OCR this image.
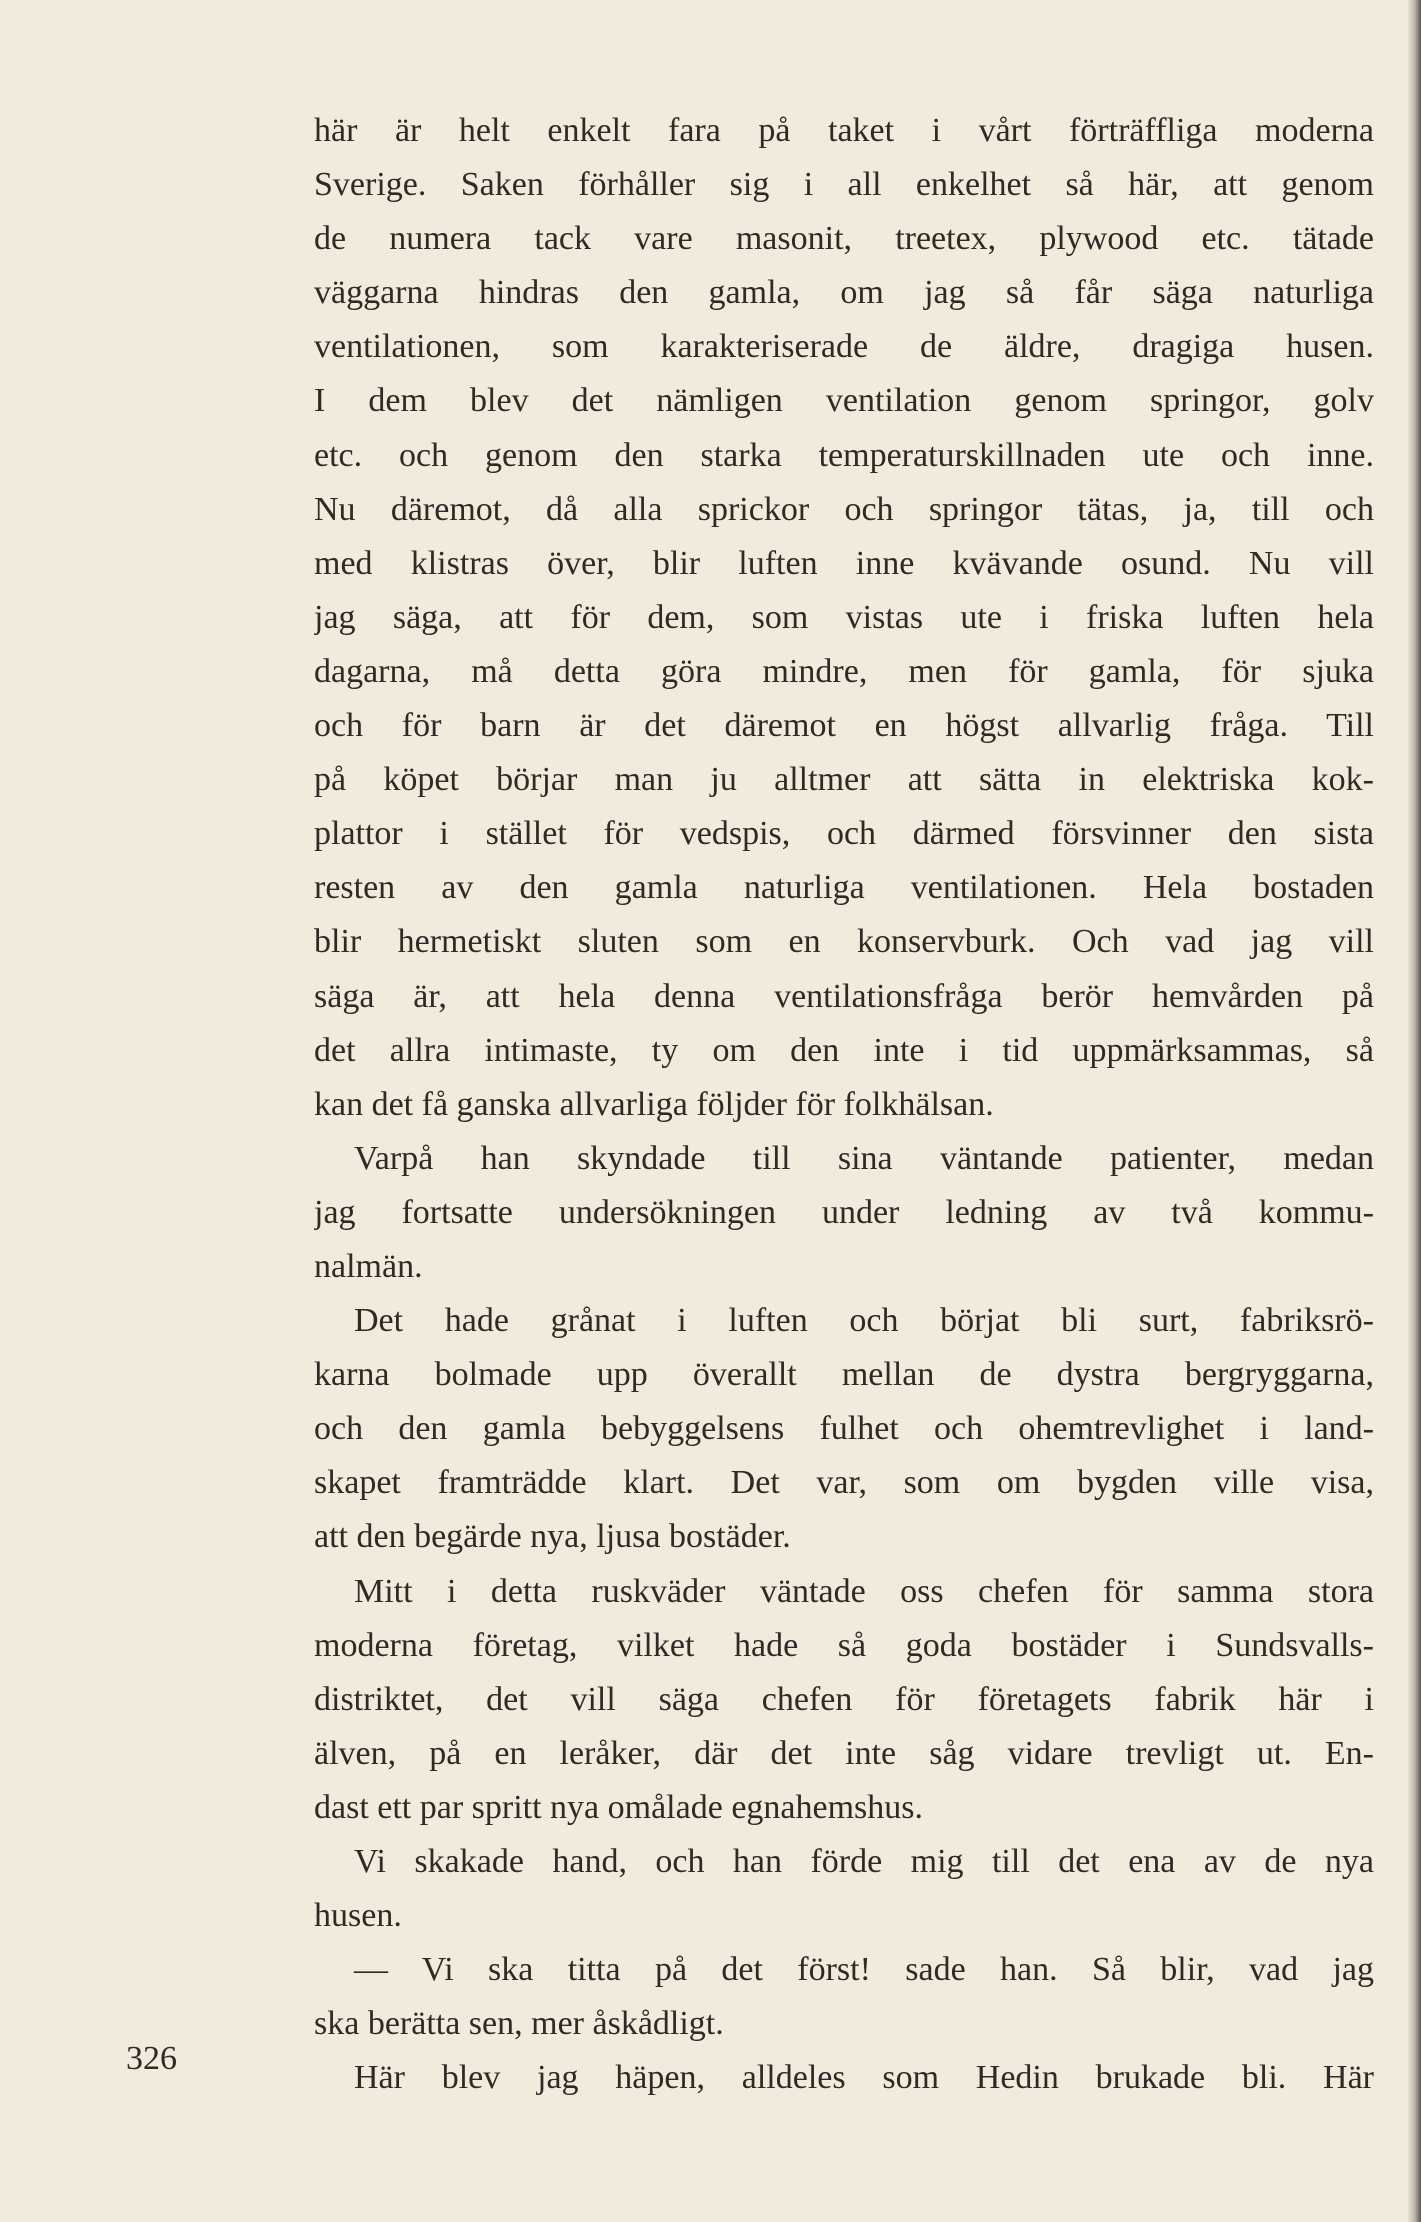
här är helt enkelt fara på taket i vårt förträffliga moderna
Sverige. Saken förhåller sig i all enkelhet så här, att genom
de numera tack vare masonit, treetex, plywood etc. tätade
väggarna hindras den gamla, om jag så får säga naturliga
ventilationen, som karakteriserade de äldre, dragiga husen.
I dem blev det nämligen ventilation genom springor, golv
etc. och genom den starka temperaturskillnaden ute och inne.
Nu däremot, då alla sprickor och springor tätas, ja, till och
med klistras över, blir luften inne kvävande osund. Nu vill
jag säga, att för dem, som vistas ute i friska luften hela
dagarna, må detta göra mindre, men för gamla, för sjuka
och för barn är det däremot en högst allvarlig fråga. Till
på köpet börjar man ju alltmer att sätta in elektriska kok-
plattor i stället för vedspis, och därmed försvinner den sista
resten av den gamla naturliga ventilationen. Hela bostaden
blir hermetiskt sluten som en konservburk. Och vad jag vill
säga är, att hela denna ventilationsfråga berör hemvården på
det allra intimaste, ty om den inte i tid uppmärksammas, så
kan det få ganska allvarliga följder för folkhälsan.
Varpå han skyndade till sina väntande patienter, medan
jag fortsatte undersökningen under ledning av två kommu-
nalmän.
Det hade grånat i luften och börjat bli surt, fabriksrö-
karna bolmade upp överallt mellan de dystra bergryggarna,
och den gamla bebyggelsens fulhet och ohemtrevlighet i land-
skapet framträdde klart. Det var, som om bygden ville visa,
att den begärde nya, ljusa bostäder.
Mitt i detta ruskväder väntade oss chefen för samma stora
moderna företag, vilket hade så goda bostäder i Sundsvalls-
distriktet, det vill säga chefen för företagets fabrik här i
älven, på en leråker, där det inte såg vidare trevligt ut. En-
dast ett par spritt nya omålade egnahemshus.
Vi skakade hand, och han förde mig till det ena av de nya
husen.
— Vi ska titta på det först! sade han. Så blir, vad jag
ska berätta sen, mer åskådligt.
Här blev jag häpen, alldeles som Hedin brukade bli. Här
326
